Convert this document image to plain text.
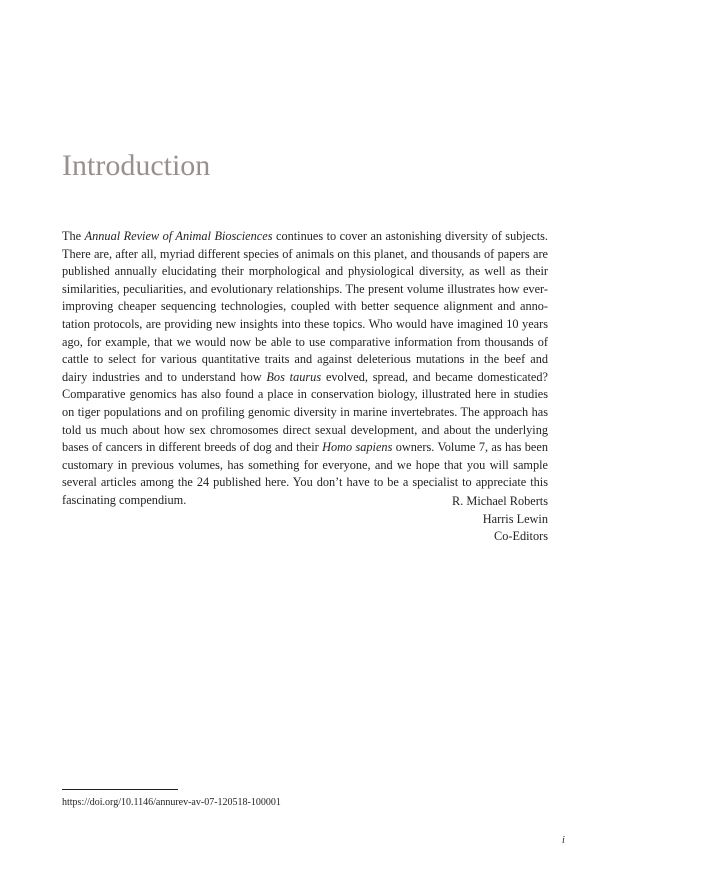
Introduction

The Annual Review of Animal Biosciences continues to cover an astonishing diversity of subjects. There are, after all, myriad different species of animals on this planet, and thousands of papers are published annually elucidating their morphological and physiological diversity, as well as their similarities, peculiarities, and evolutionary relationships. The present volume illustrates how ever-improving cheaper sequencing technologies, coupled with better sequence alignment and annotation protocols, are providing new insights into these topics. Who would have imagined 10 years ago, for example, that we would now be able to use comparative information from thousands of cattle to select for various quantitative traits and against deleterious mutations in the beef and dairy industries and to understand how Bos taurus evolved, spread, and became domesticated? Comparative genomics has also found a place in conservation biology, illustrated here in studies on tiger populations and on profiling genomic diversity in marine invertebrates. The approach has told us much about how sex chromosomes direct sexual development, and about the underlying bases of cancers in different breeds of dog and their Homo sapiens owners. Volume 7, as has been customary in previous volumes, has something for everyone, and we hope that you will sample several articles among the 24 published here. You don’t have to be a specialist to appreciate this fascinating compendium.	R. Michael Roberts
Harris Lewin
Co-Editors
https://doi.org/10.1146/annurev-av-07-120518-100001
i
